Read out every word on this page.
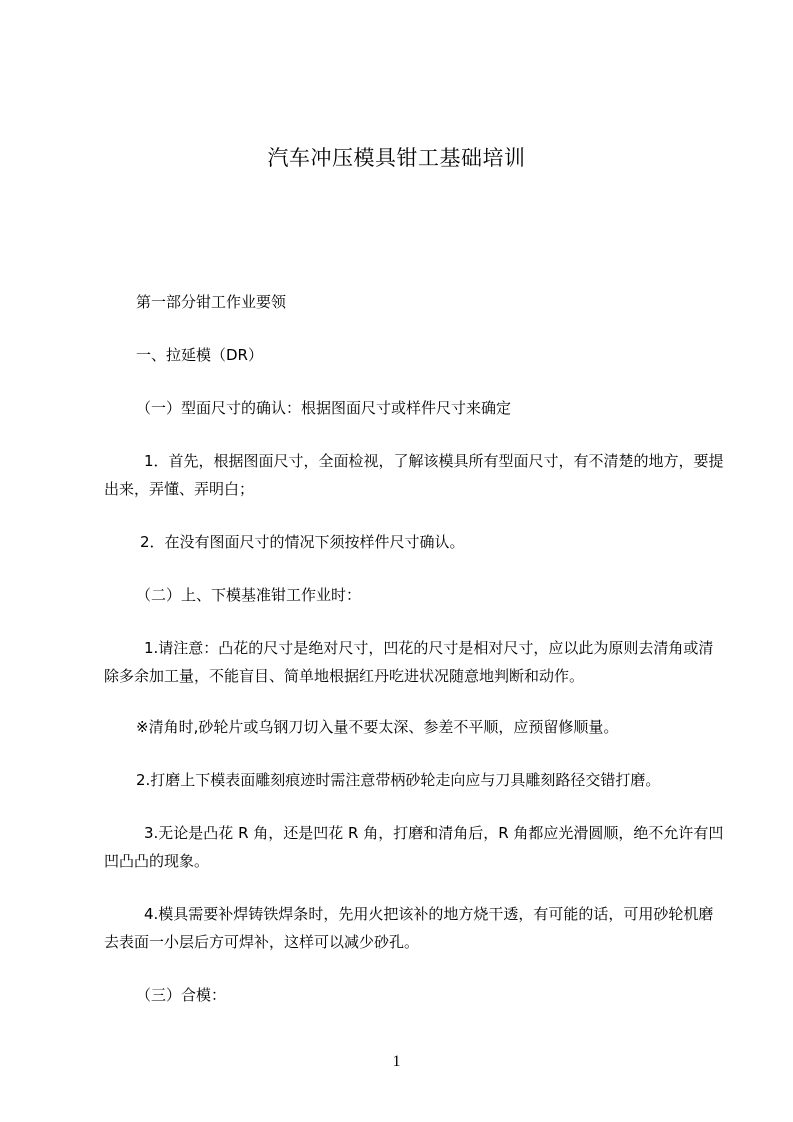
汽车冲压模具钳工基础培训

第一部分钳工作业要领

一、拉延模（DR）

（一）型面尺寸的确认：根据图面尺寸或样件尺寸来确定

1．首先，根据图面尺寸，全面检视，了解该模具所有型面尺寸，有不清楚的地方，要提出来，弄懂、弄明白；

2．在没有图面尺寸的情况下须按样件尺寸确认。

（二）上、下模基准钳工作业时：

1.请注意：凸花的尺寸是绝对尺寸，凹花的尺寸是相对尺寸，应以此为原则去清角或清除多余加工量，不能盲目、简单地根据红丹吃进状况随意地判断和动作。

※清角时,砂轮片或乌钢刀切入量不要太深、参差不平顺，应预留修顺量。

2.打磨上下模表面雕刻痕迹时需注意带柄砂轮走向应与刀具雕刻路径交错打磨。

3.无论是凸花 R 角，还是凹花 R 角，打磨和清角后，R 角都应光滑圆顺，绝不允许有凹凹凸凸的现象。

4.模具需要补焊铸铁焊条时，先用火把该补的地方烧干透，有可能的话，可用砂轮机磨去表面一小层后方可焊补，这样可以减少砂孔。

（三）合模：

1
